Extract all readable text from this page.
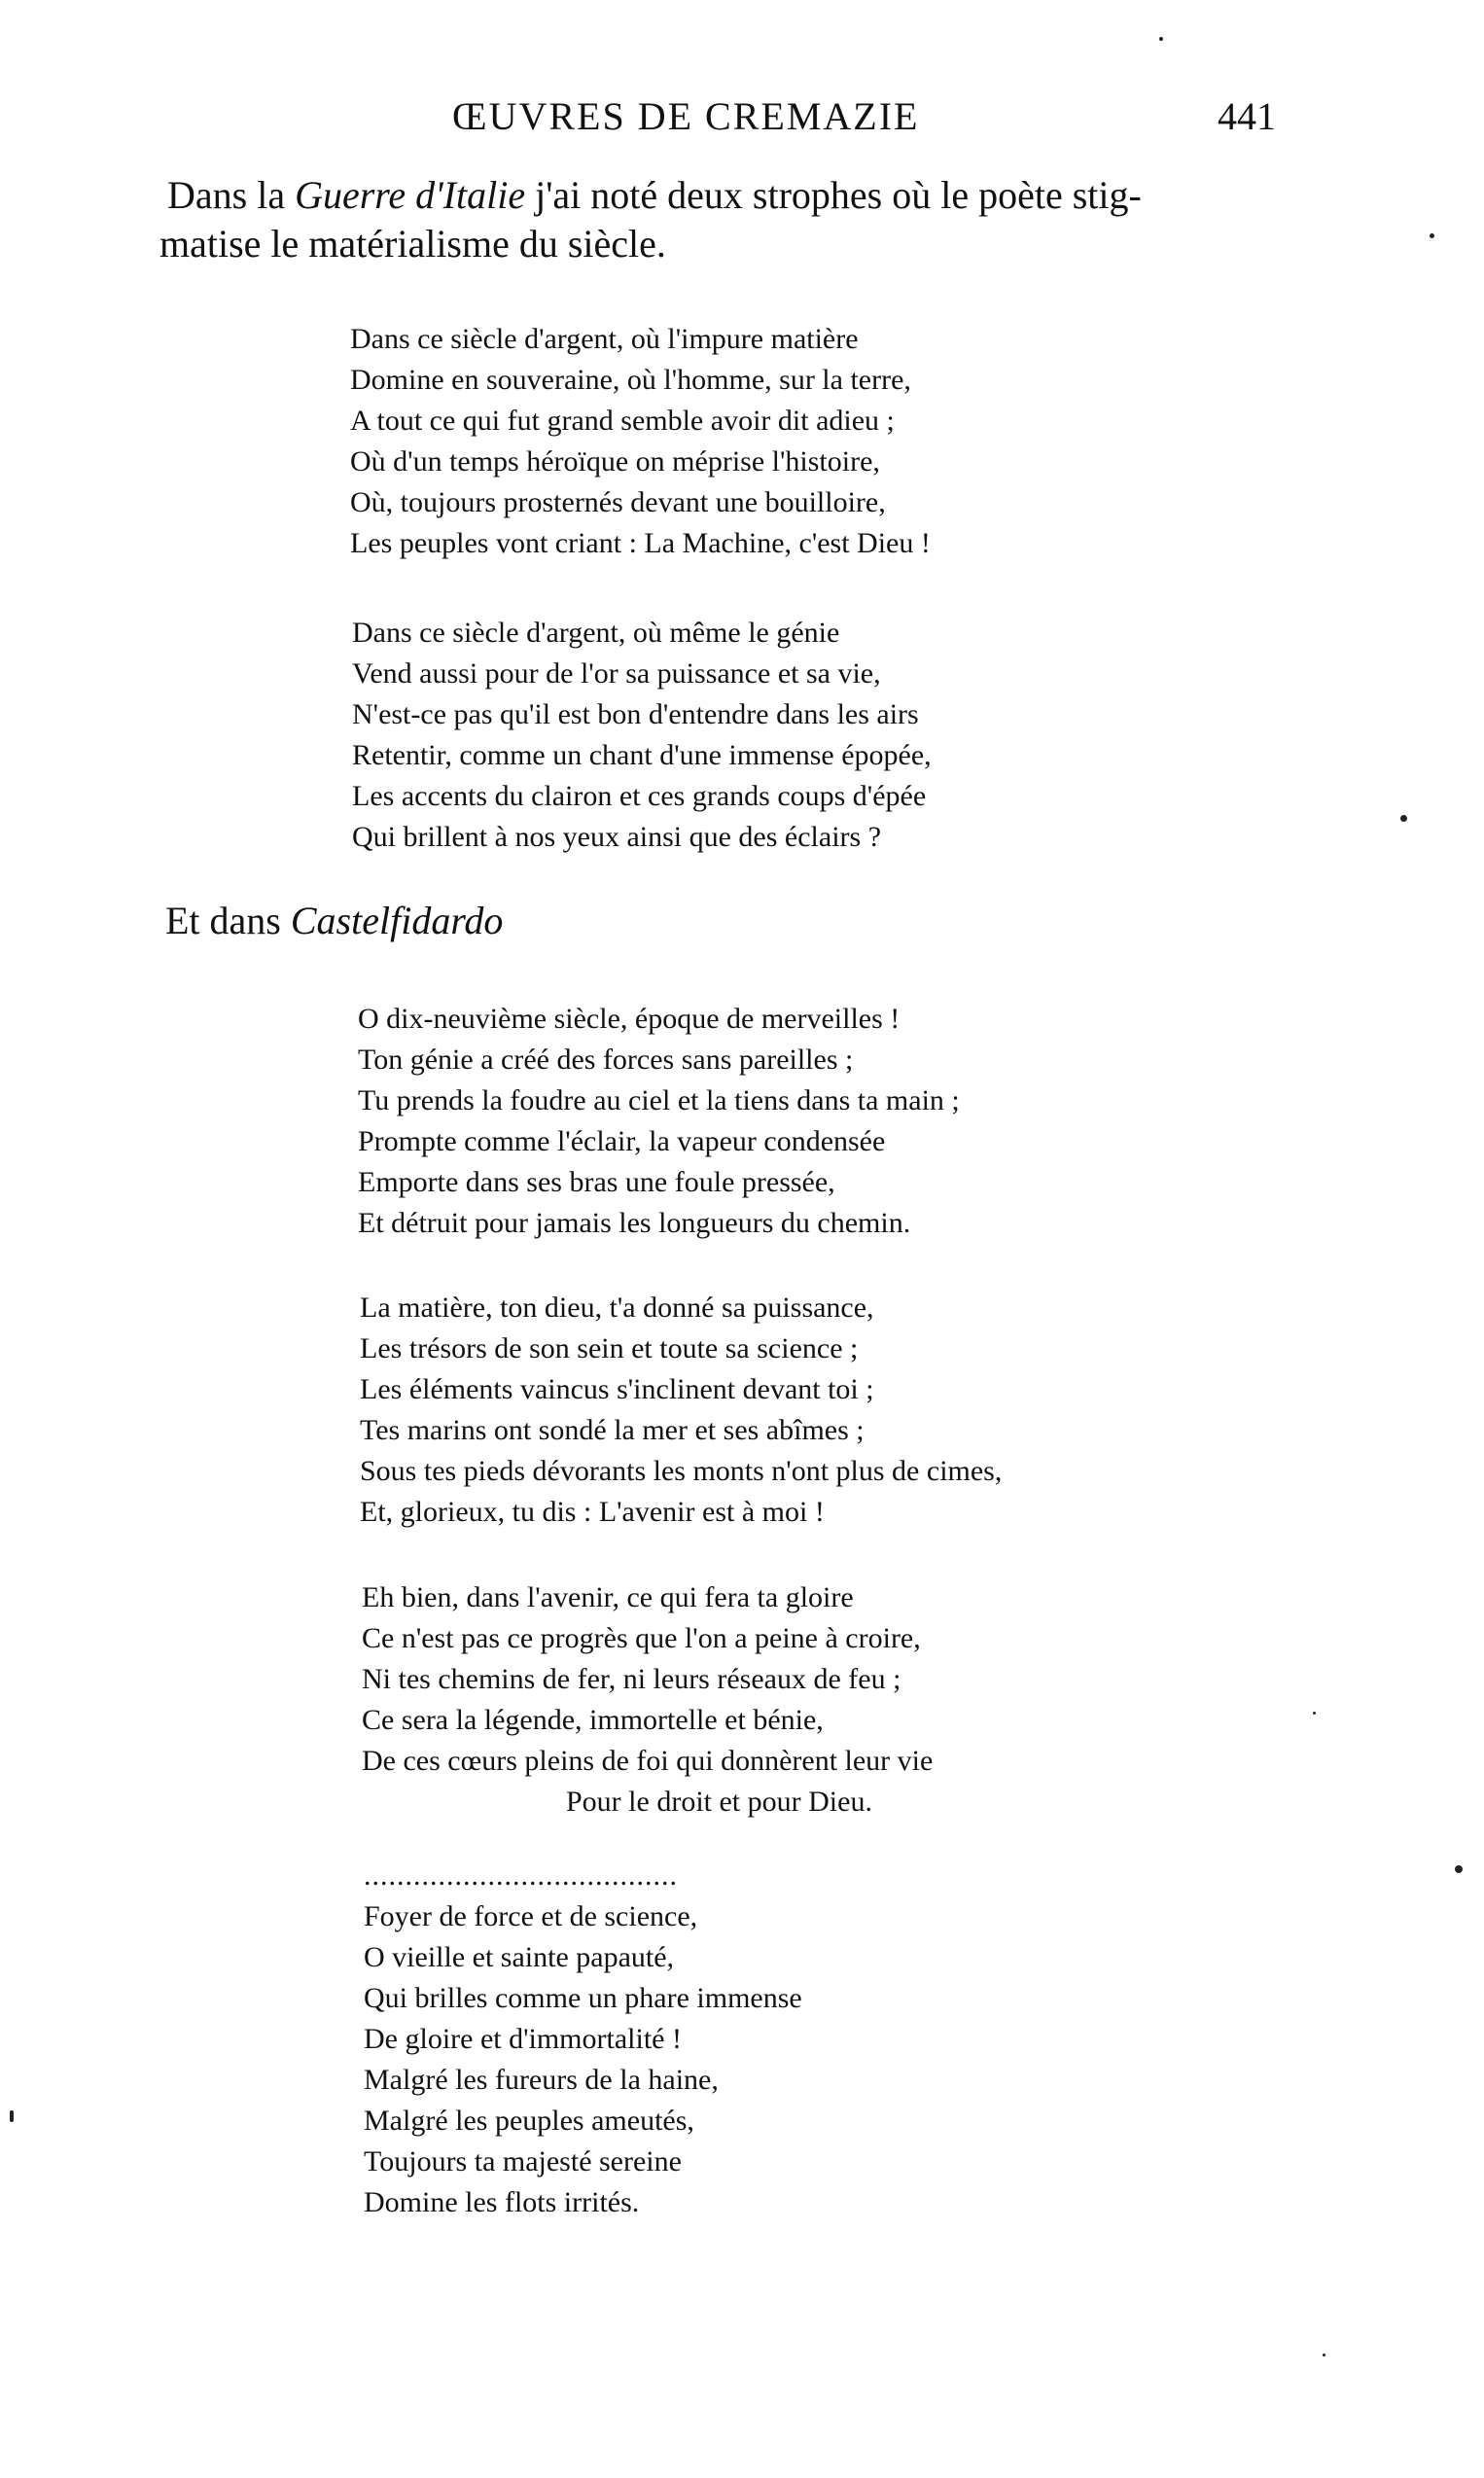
ŒUVRES DE CREMAZIE	441
Dans la Guerre d'Italie j'ai noté deux strophes où le poète stig-
matise le matérialisme du siècle.
Dans ce siècle d'argent, où l'impure matière
Domine en souveraine, où l'homme, sur la terre,
A tout ce qui fut grand semble avoir dit adieu ;
Où d'un temps héroïque on méprise l'histoire,
Où, toujours prosternés devant une bouilloire,
Les peuples vont criant : La Machine, c'est Dieu !
Dans ce siècle d'argent, où même le génie
Vend aussi pour de l'or sa puissance et sa vie,
N'est-ce pas qu'il est bon d'entendre dans les airs
Retentir, comme un chant d'une immense épopée,
Les accents du clairon et ces grands coups d'épée
Qui brillent à nos yeux ainsi que des éclairs ?
Et dans Castelfidardo
O dix-neuvième siècle, époque de merveilles !
Ton génie a créé des forces sans pareilles ;
Tu prends la foudre au ciel et la tiens dans ta main ;
Prompte comme l'éclair, la vapeur condensée
Emporte dans ses bras une foule pressée,
Et détruit pour jamais les longueurs du chemin.
La matière, ton dieu, t'a donné sa puissance,
Les trésors de son sein et toute sa science ;
Les éléments vaincus s'inclinent devant toi ;
Tes marins ont sondé la mer et ses abîmes ;
Sous tes pieds dévorants les monts n'ont plus de cimes,
Et, glorieux, tu dis : L'avenir est à moi !
Eh bien, dans l'avenir, ce qui fera ta gloire
Ce n'est pas ce progrès que l'on a peine à croire,
Ni tes chemins de fer, ni leurs réseaux de feu ;
Ce sera la légende, immortelle et bénie,
De ces cœurs pleins de foi qui donnèrent leur vie
Pour le droit et pour Dieu.
......................................
Foyer de force et de science,
O vieille et sainte papauté,
Qui brilles comme un phare immense
De gloire et d'immortalité !
Malgré les fureurs de la haine,
Malgré les peuples ameutés,
Toujours ta majesté sereine
Domine les flots irrités.
